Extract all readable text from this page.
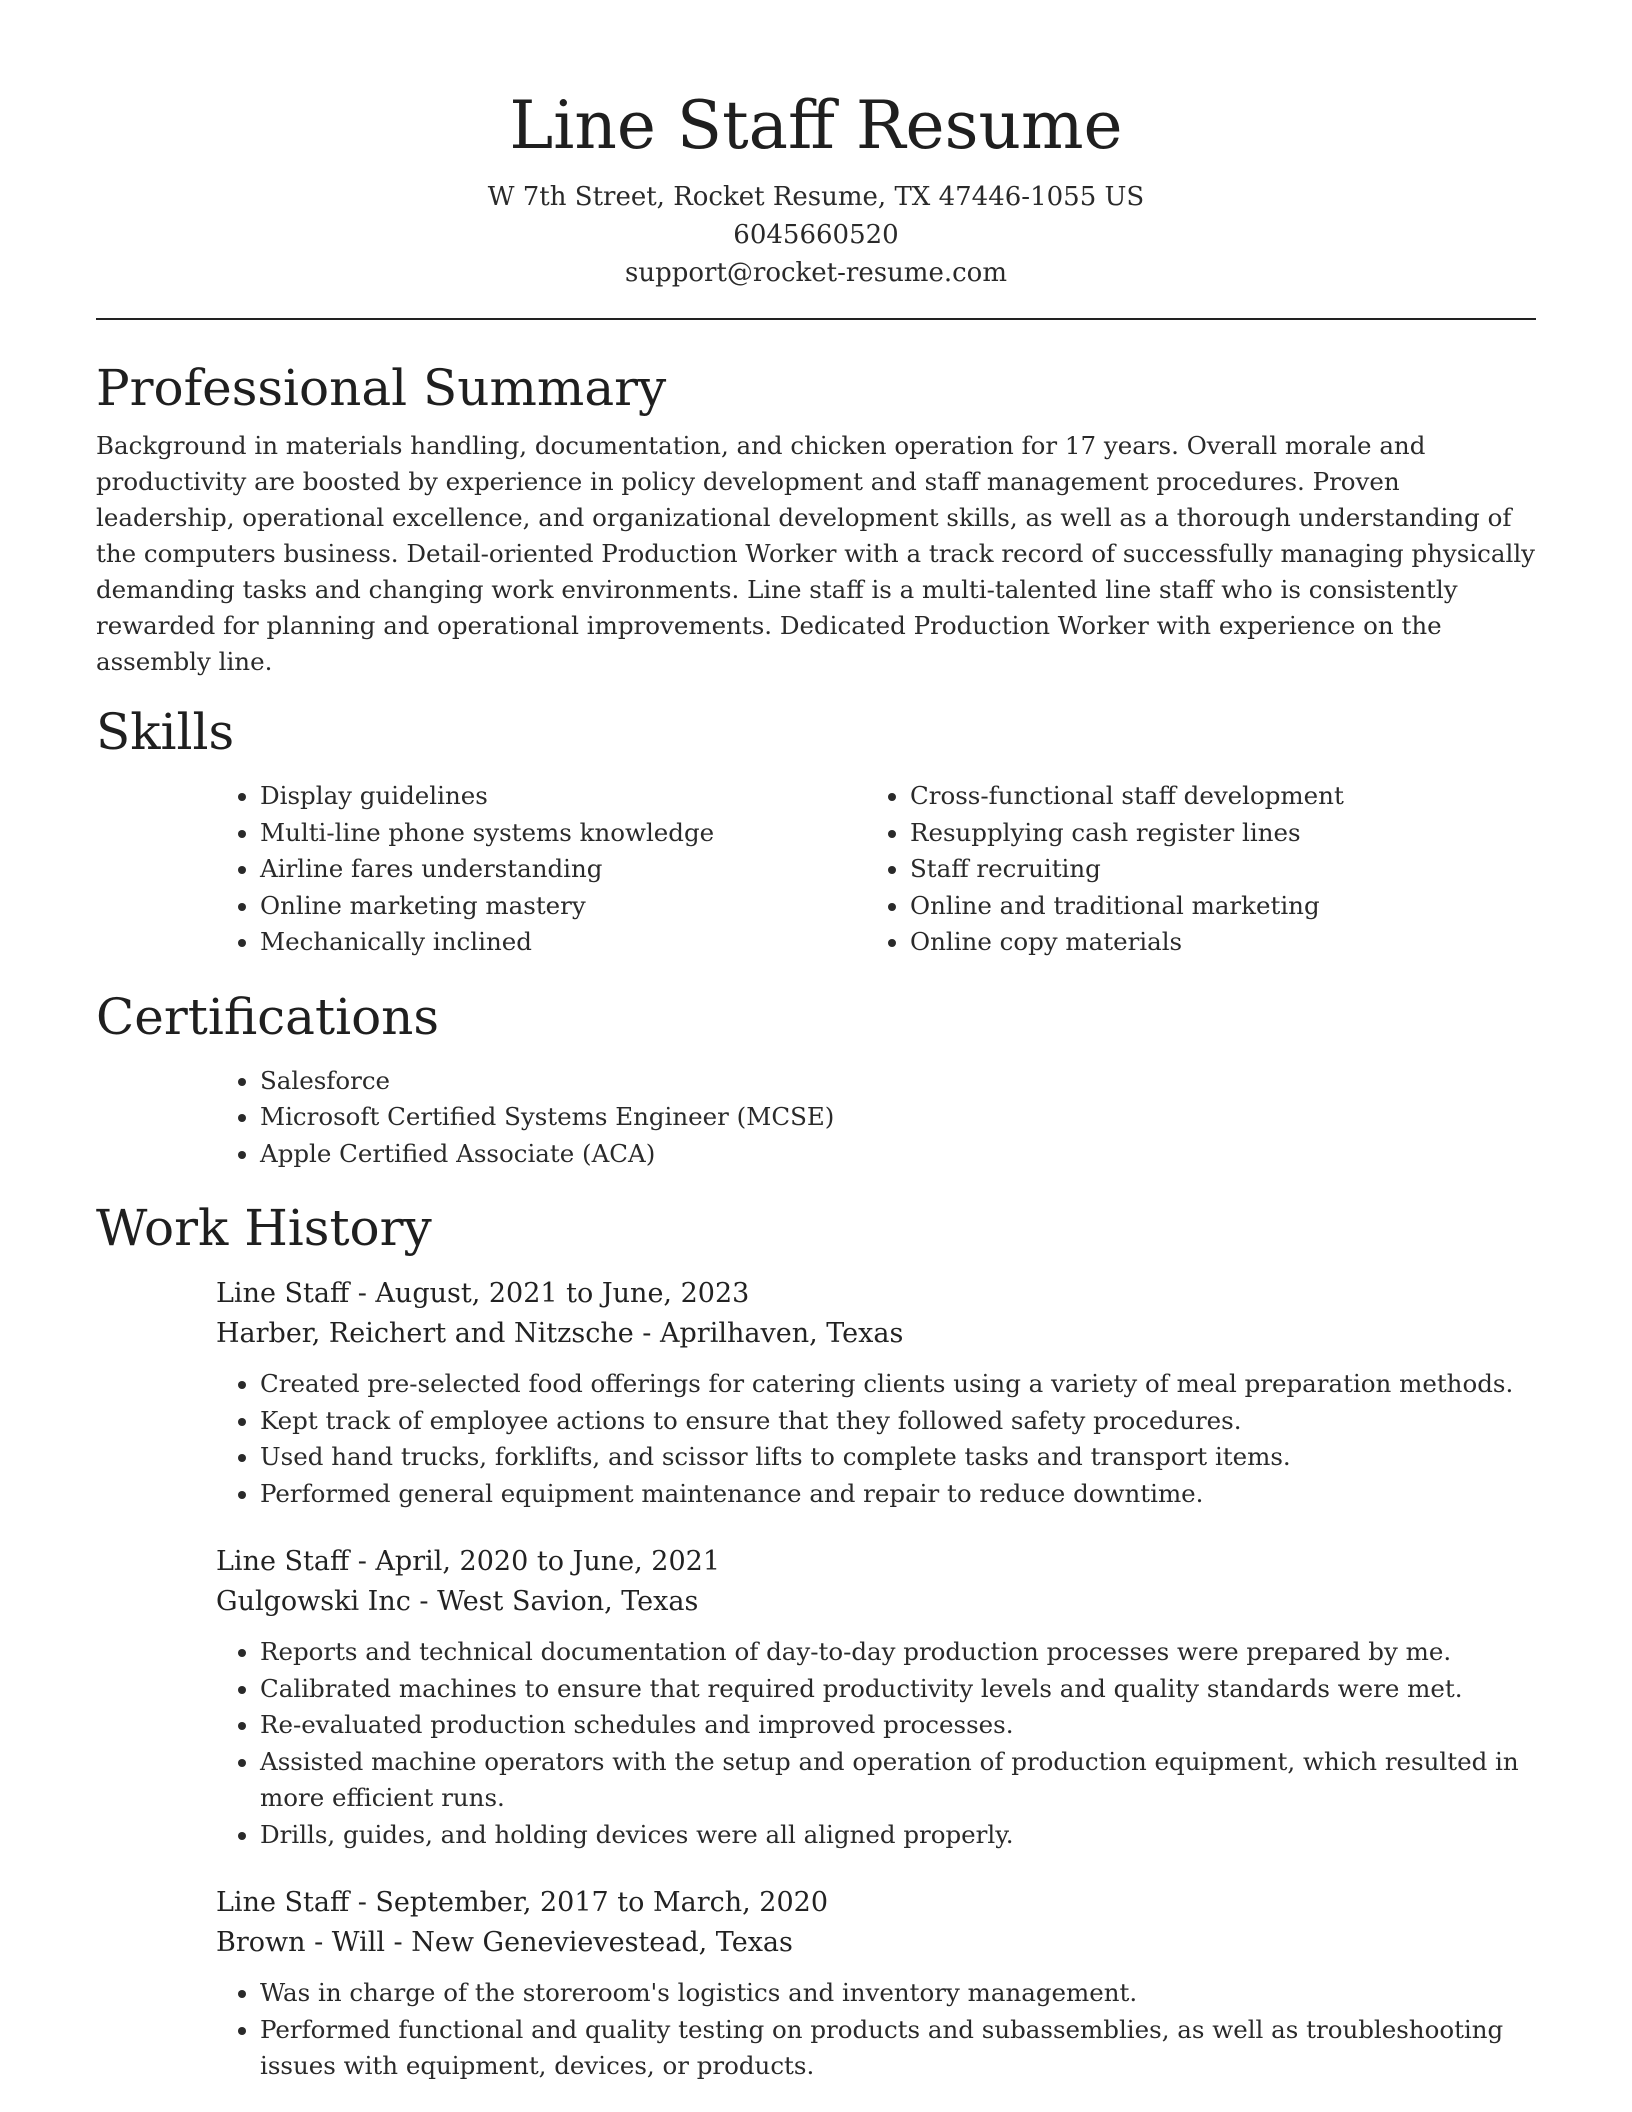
Line Staff Resume
W 7th Street, Rocket Resume, TX 47446-1055 US
6045660520
support@rocket-resume.com
Professional Summary

Background in materials handling, documentation, and chicken operation for 17 years. Overall morale and productivity are boosted by experience in policy development and staff management procedures. Proven leadership, operational excellence, and organizational development skills, as well as a thorough understanding of the computers business. Detail-oriented Production Worker with a track record of successfully managing physically demanding tasks and changing work environments. Line staff is a multi-talented line staff who is consistently rewarded for planning and operational improvements. Dedicated Production Worker with experience on the assembly line.

Skills
• Display guidelines
• Multi-line phone systems knowledge
• Airline fares understanding
• Online marketing mastery
• Mechanically inclined
• Cross-functional staff development
• Resupplying cash register lines
• Staff recruiting
• Online and traditional marketing
• Online copy materials
Certifications
• Salesforce
• Microsoft Certified Systems Engineer (MCSE)
• Apple Certified Associate (ACA)
Work History
Line Staff - August, 2021 to June, 2023
Harber, Reichert and Nitzsche - Aprilhaven, Texas
• Created pre-selected food offerings for catering clients using a variety of meal preparation methods.
• Kept track of employee actions to ensure that they followed safety procedures.
• Used hand trucks, forklifts, and scissor lifts to complete tasks and transport items.
• Performed general equipment maintenance and repair to reduce downtime.
Line Staff - April, 2020 to June, 2021
Gulgowski Inc - West Savion, Texas
• Reports and technical documentation of day-to-day production processes were prepared by me.
• Calibrated machines to ensure that required productivity levels and quality standards were met.
• Re-evaluated production schedules and improved processes.
• Assisted machine operators with the setup and operation of production equipment, which resulted in more efficient runs.
• Drills, guides, and holding devices were all aligned properly.
Line Staff - September, 2017 to March, 2020
Brown - Will - New Genevievestead, Texas
• Was in charge of the storeroom's logistics and inventory management.
• Performed functional and quality testing on products and subassemblies, as well as troubleshooting issues with equipment, devices, or products.
